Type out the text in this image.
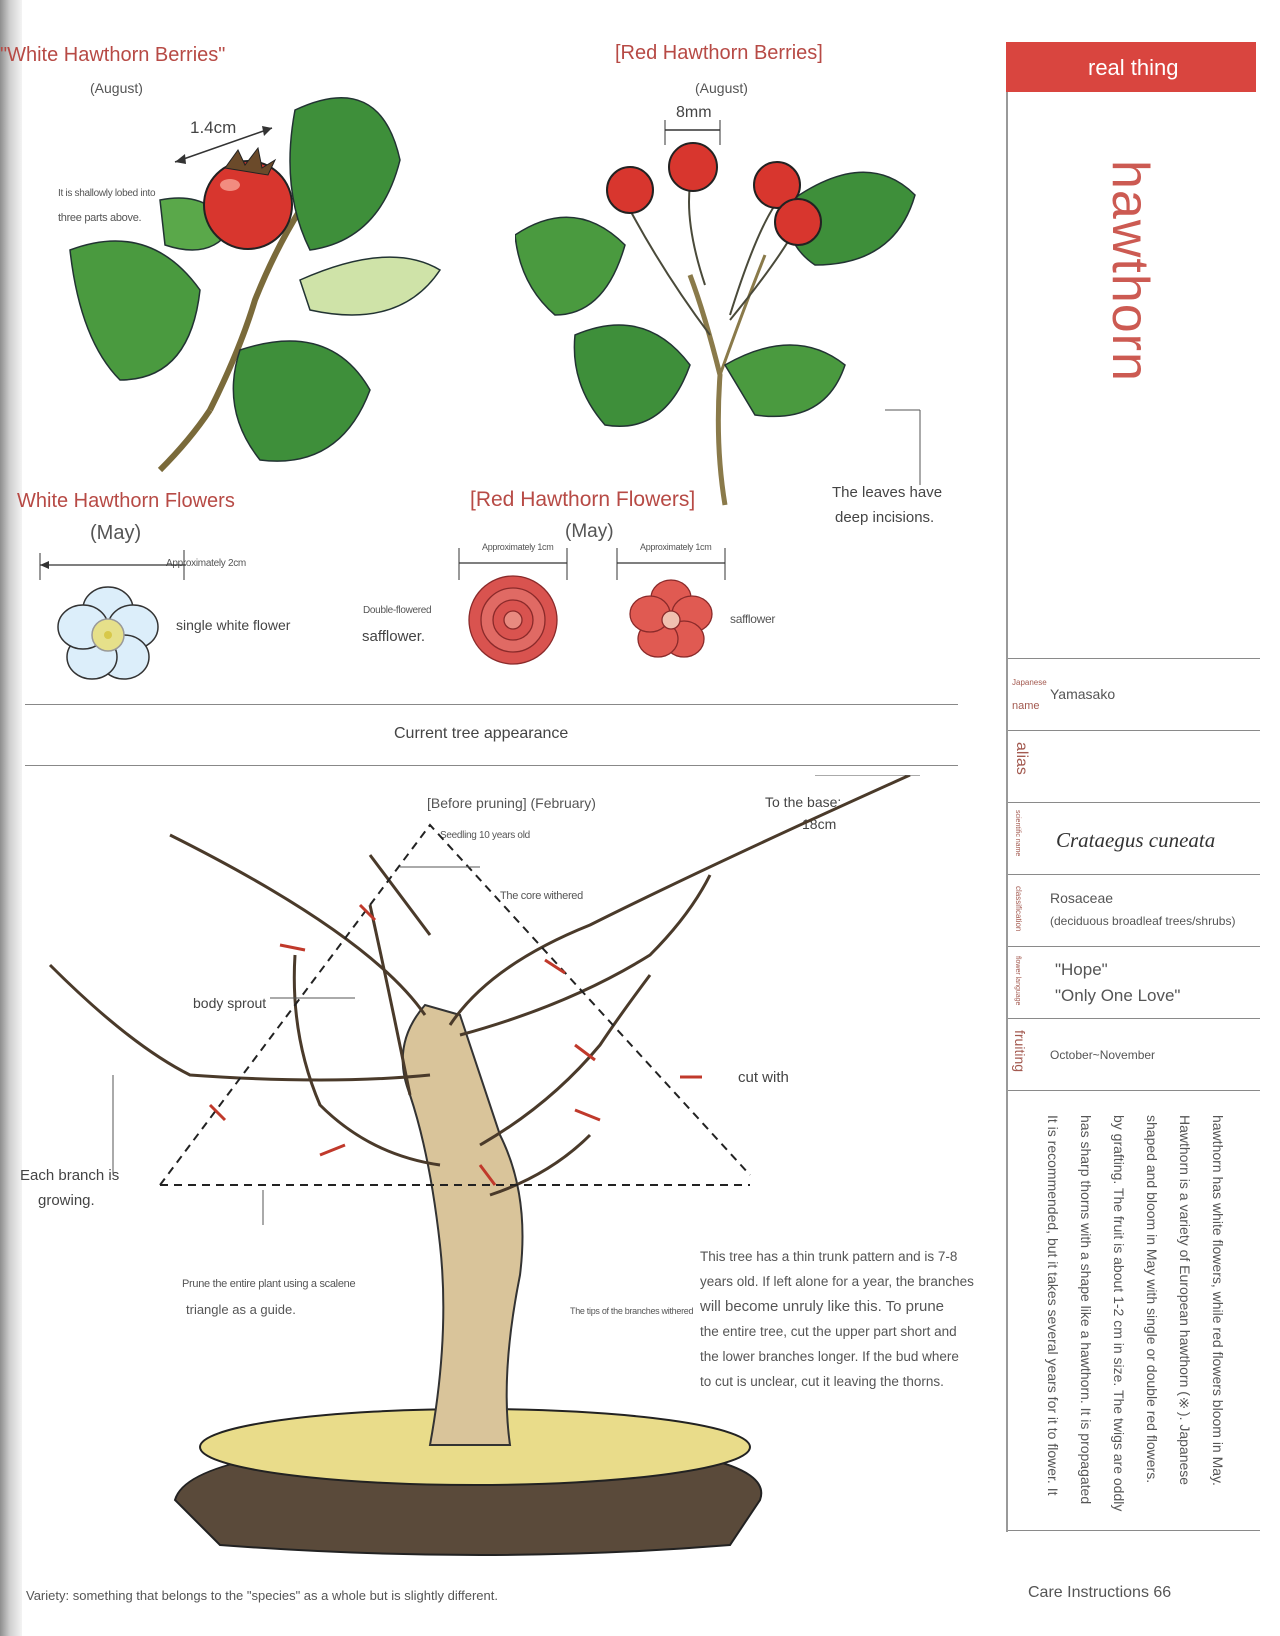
"White Hawthorn Berries"
(August)
1.4cm
It is shallowly lobed into
three parts above.
[Red Hawthorn Berries]
(August)
8mm
The leaves have
deep incisions.
White Hawthorn Flowers
(May)
Approximately 2cm
single white flower
[Red Hawthorn Flowers]
(May)
Approximately 1cm	Approximately 1cm
Double-flowered
safflower.
safflower
Current tree appearance
[Before pruning] (February)
Seedling 10 years old
The core withered
To the base:
18cm
body sprout
cut with
Each branch is
growing.
Prune the entire plant using a scalene
triangle as a guide.	The tips of the branches withered
This tree has a thin trunk pattern and is 7-8
years old. If left alone for a year, the branches
will become unruly like this. To prune
the entire tree, cut the upper part short and
the lower branches longer. If the bud where
to cut is unclear, cut it leaving the thorns.
real thing
hawthorn
Japanese
name
Yamasako
alias
scientific name Crataegus cuneata
classification Rosaceae
(deciduous broadleaf trees/shrubs)
flower language "Hope"
"Only One Love"
fruiting October~November
hawthorn has white flowers, while red flowers bloom in May.
Hawthorn is a variety of European hawthorn (※). Japanese
shaped and bloom in May with single or double red flowers.
by grafting. The fruit is about 1-2 cm in size. The twigs are oddly
has sharp thorns with a shape like a hawthorn. It is propagated
It is recommended, but it takes several years for it to flower. It
Variety: something that belongs to the "species" as a whole but is slightly different.	Care Instructions 66
